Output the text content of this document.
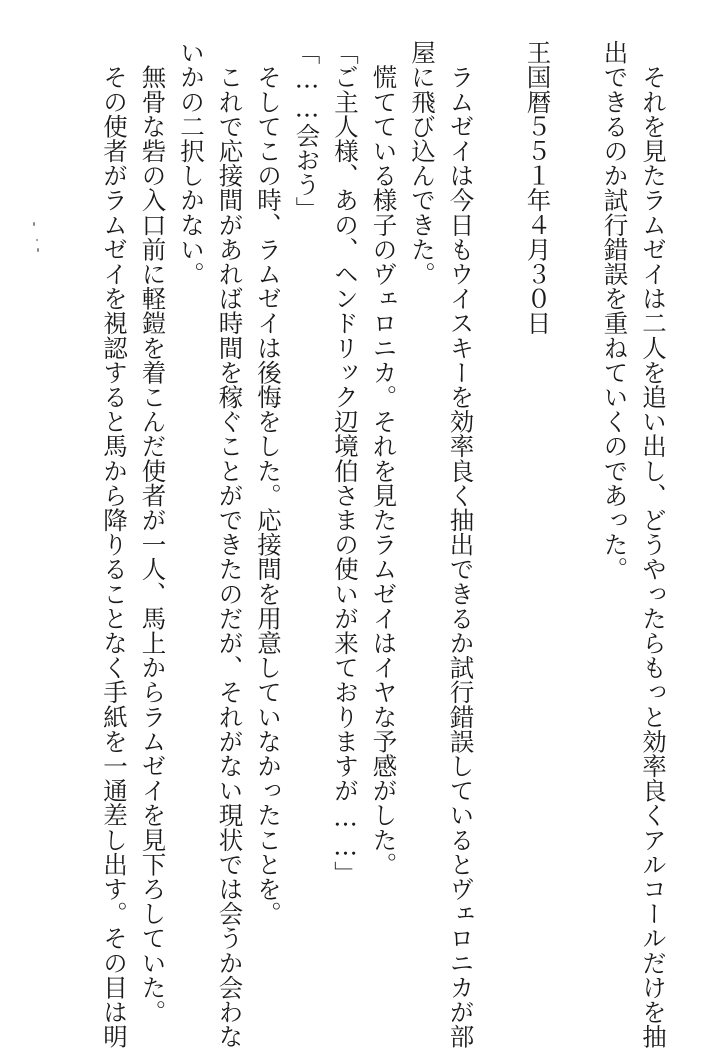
　それを見たラムゼイは二人を追い出し、どうやったらもっと効率良くアルコールだけを抽
出できるのか試行錯誤を重ねていくのであった。
王国暦５５１年４月３０日
　ラムゼイは今日もウイスキーを効率良く抽出できるか試行錯誤しているとヴェロニカが部
屋に飛び込んできた。
　慌てている様子のヴェロニカ。それを見たラムゼイはイヤな予感がした。
「ご主人様、あの、ヘンドリック辺境伯さまの使いが来ておりますが……」
「……会おう」
　そしてこの時、ラムゼイは後悔をした。応接間を用意していなかったことを。
　これで応接間があれば時間を稼ぐことができたのだが、それがない現状では会うか会わな
いかの二択しかない。
　無骨な砦の入口前に軽鎧を着こんだ使者が一人、馬上からラムゼイを見下ろしていた。
　その使者がラムゼイを視認すると馬から降りることなく手紙を一通差し出す。その目は明
